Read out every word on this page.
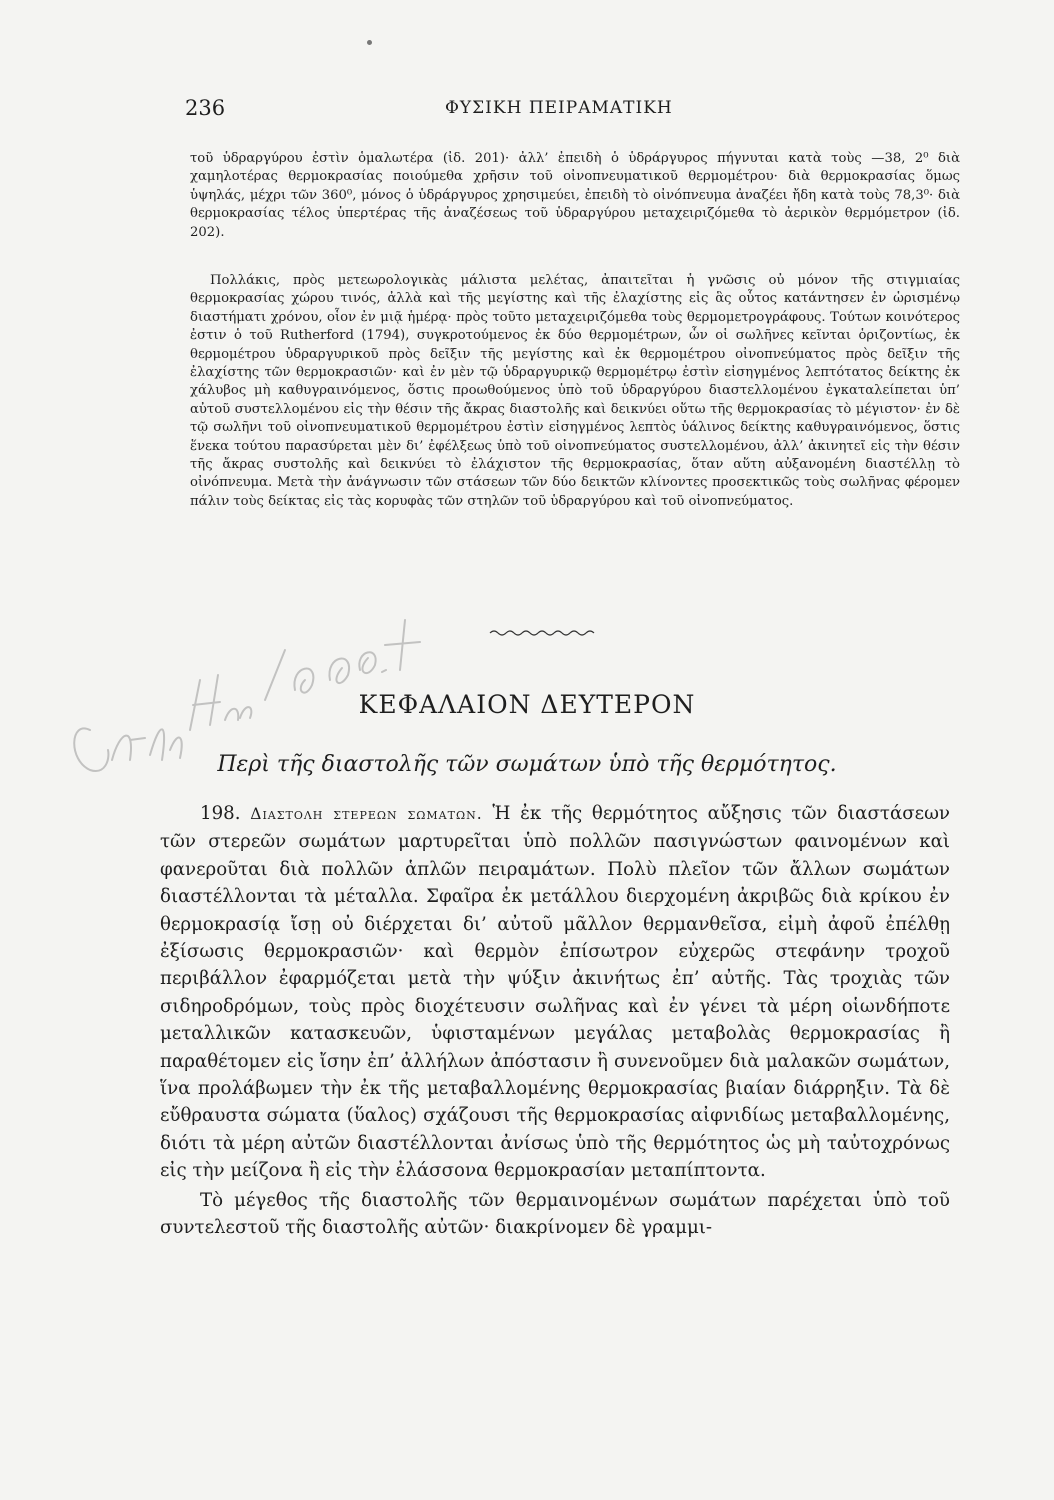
236	ΦΥΣΙΚΗ ΠΕΙΡΑΜΑΤΙΚΗ

τοῦ ὑδραργύρου ἐστὶν ὁμαλωτέρα (ἰδ. 201)· ἀλλ’ ἐπειδὴ ὁ ὑδράργυρος πήγνυται κατὰ τοὺς —38, 2⁰ διὰ χαμηλοτέρας θερμοκρασίας ποιούμεθα χρῆσιν τοῦ οἰνοπνευματικοῦ θερμομέτρου· διὰ θερμοκρασίας ὅμως ὑψηλάς, μέχρι τῶν 360⁰, μόνος ὁ ὑδράργυρος χρησιμεύει, ἐπειδὴ τὸ οἰνόπνευμα ἀναζέει ἤδη κατὰ τοὺς 78,3⁰· διὰ θερμοκρασίας τέλος ὑπερτέρας τῆς ἀναζέσεως τοῦ ὑδραργύρου μεταχειριζόμεθα τὸ ἀερικὸν θερμόμετρον (ἰδ. 202).

Πολλάκις, πρὸς μετεωρολογικὰς μάλιστα μελέτας, ἀπαιτεῖται ἡ γνῶσις οὐ μόνον τῆς στιγμιαίας θερμοκρασίας χώρου τινός, ἀλλὰ καὶ τῆς μεγίστης καὶ τῆς ἐλαχίστης εἰς ἃς οὗτος κατάντησεν ἐν ὡρισμένῳ διαστήματι χρόνου, οἷον ἐν μιᾷ ἡμέρᾳ· πρὸς τοῦτο μεταχειριζόμεθα τοὺς θερμομετρογράφους. Τούτων κοινότερος ἐστιν ὁ τοῦ Rutherford (1794), συγκροτούμενος ἐκ δύο θερμομέτρων, ὧν οἱ σωλῆνες κεῖνται ὁριζοντίως, ἐκ θερμομέτρου ὑδραργυρικοῦ πρὸς δεῖξιν τῆς μεγίστης καὶ ἐκ θερμομέτρου οἰνοπνεύματος πρὸς δεῖξιν τῆς ἐλαχίστης τῶν θερμοκρασιῶν· καὶ ἐν μὲν τῷ ὑδραργυρικῷ θερμομέτρῳ ἐστὶν εἰσηγμένος λεπτότατος δείκτης ἐκ χάλυβος μὴ καθυγραινόμενος, ὅστις προωθούμενος ὑπὸ τοῦ ὑδραργύρου διαστελλομένου ἐγκαταλείπεται ὑπ’ αὐτοῦ συστελλομένου εἰς τὴν θέσιν τῆς ἄκρας διαστολῆς καὶ δεικνύει οὕτω τῆς θερμοκρασίας τὸ μέγιστον· ἐν δὲ τῷ σωλῆνι τοῦ οἰνοπνευματικοῦ θερμομέτρου ἐστὶν εἰσηγμένος λεπτὸς ὑάλινος δείκτης καθυγραινόμενος, ὅστις ἕνεκα τούτου παρασύρεται μὲν δι’ ἐφέλξεως ὑπὸ τοῦ οἰνοπνεύματος συστελλομένου, ἀλλ’ ἀκινητεῖ εἰς τὴν θέσιν τῆς ἄκρας συστολῆς καὶ δεικνύει τὸ ἐλάχιστον τῆς θερμοκρασίας, ὅταν αὕτη αὐξανομένη διαστέλλῃ τὸ οἰνόπνευμα. Μετὰ τὴν ἀνάγνωσιν τῶν στάσεων τῶν δύο δεικτῶν κλίνοντες προσεκτικῶς τοὺς σωλῆνας φέρομεν πάλιν τοὺς δείκτας εἰς τὰς κορυφὰς τῶν στηλῶν τοῦ ὑδραργύρου καὶ τοῦ οἰνοπνεύματος.

ΚΕΦΑΛΑΙΟΝ ΔΕΥΤΕΡΟΝ
Περὶ τῆς διαστολῆς τῶν σωμάτων ὑπὸ τῆς θερμότητος.

198. Διαστολη στερεων σωματων. Ἡ ἐκ τῆς θερμότητος αὔξησις τῶν διαστάσεων τῶν στερεῶν σωμάτων μαρτυρεῖται ὑπὸ πολλῶν πασιγνώστων φαινομένων καὶ φανεροῦται διὰ πολλῶν ἁπλῶν πειραμάτων. Πολὺ πλεῖον τῶν ἄλλων σωμάτων διαστέλλονται τὰ μέταλλα. Σφαῖρα ἐκ μετάλλου διερχομένη ἀκριβῶς διὰ κρίκου ἐν θερμοκρασίᾳ ἴσῃ οὐ διέρχεται δι’ αὐτοῦ μᾶλλον θερμανθεῖσα, εἰμὴ ἀφοῦ ἐπέλθῃ ἐξίσωσις θερμοκρασιῶν· καὶ θερμὸν ἐπίσωτρον εὐχερῶς στεφάνην τροχοῦ περιβάλλον ἐφαρμόζεται μετὰ τὴν ψύξιν ἀκινήτως ἐπ’ αὐτῆς. Τὰς τροχιὰς τῶν σιδηροδρόμων, τοὺς πρὸς διοχέτευσιν σωλῆνας καὶ ἐν γένει τὰ μέρη οἱωνδήποτε μεταλλικῶν κατασκευῶν, ὑφισταμένων μεγάλας μεταβολὰς θερμοκρασίας ἢ παραθέτομεν εἰς ἴσην ἐπ’ ἀλλήλων ἀπόστασιν ἢ συνενοῦμεν διὰ μαλακῶν σωμάτων, ἵνα προλάβωμεν τὴν ἐκ τῆς μεταβαλλομένης θερμοκρασίας βιαίαν διάρρηξιν. Τὰ δὲ εὔθραυστα σώματα (ὕαλος) σχάζουσι τῆς θερμοκρασίας αἰφνιδίως μεταβαλλομένης, διότι τὰ μέρη αὐτῶν διαστέλλονται ἀνίσως ὑπὸ τῆς θερμότητος ὡς μὴ ταὐτοχρόνως εἰς τὴν μείζονα ἢ εἰς τὴν ἐλάσσονα θερμοκρασίαν μεταπίπτοντα.

Τὸ μέγεθος τῆς διαστολῆς τῶν θερμαινομένων σωμάτων παρέχεται ὑπὸ τοῦ συντελεστοῦ τῆς διαστολῆς αὐτῶν· διακρίνομεν δὲ γραμμι-
